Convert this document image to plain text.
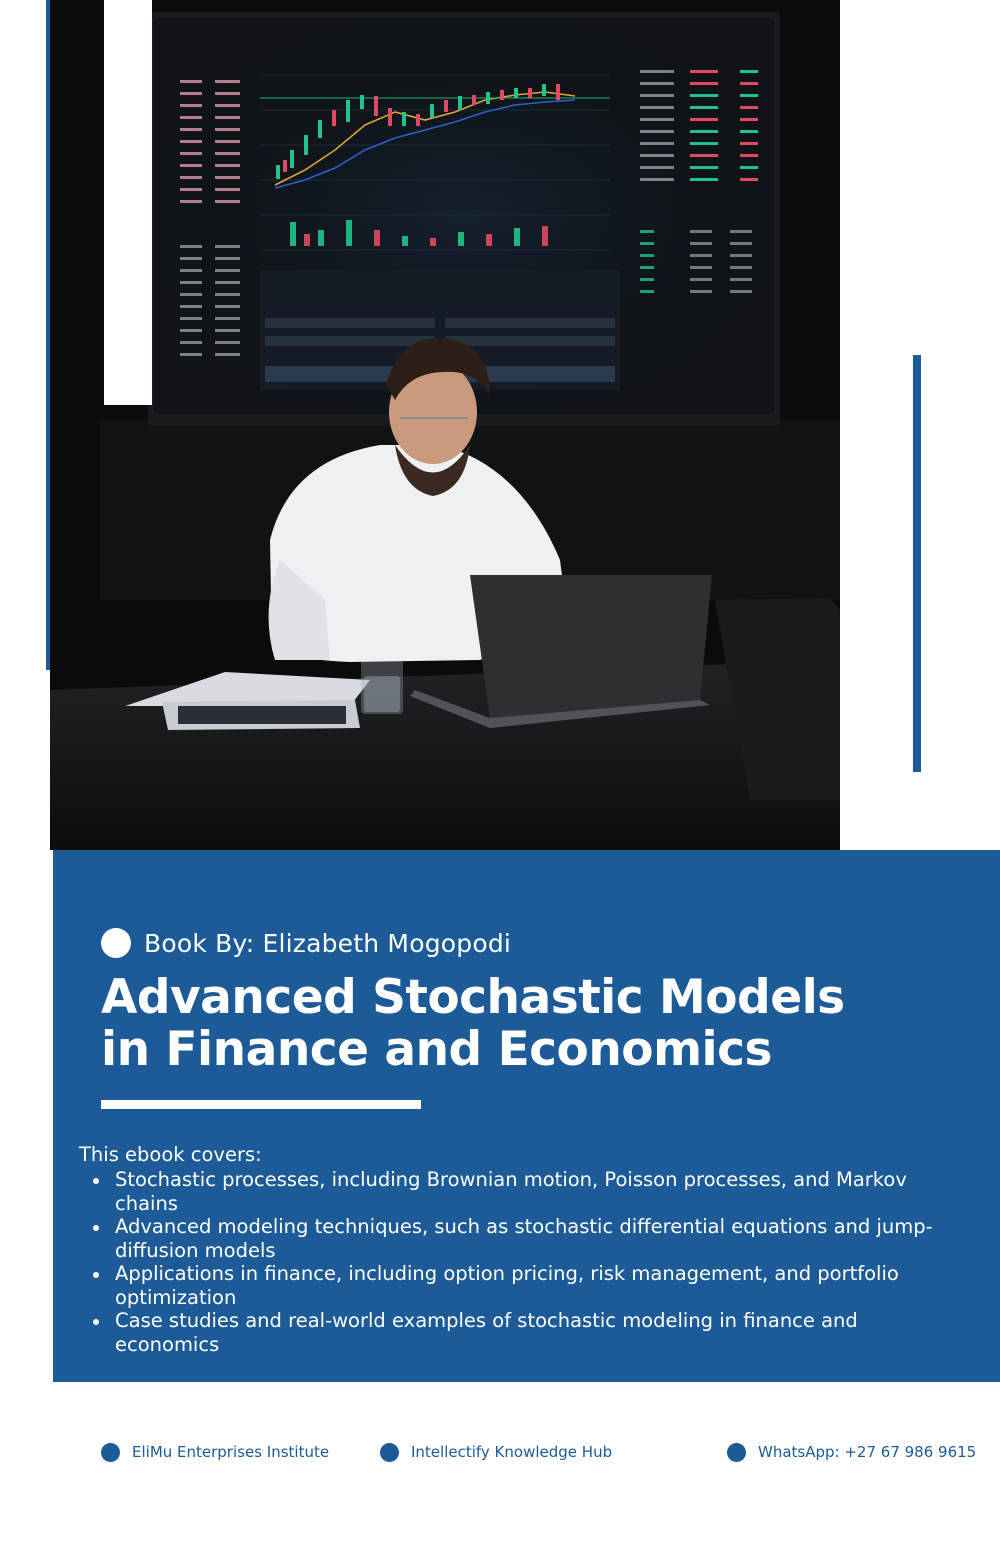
Book By: Elizabeth Mogopodi
Advanced Stochastic Models
in Finance and Economics
This ebook covers:
Stochastic processes, including Brownian motion, Poisson processes, and Markov chains
Advanced modeling techniques, such as stochastic differential equations and jump-diffusion models
Applications in finance, including option pricing, risk management, and portfolio optimization
Case studies and real-world examples of stochastic modeling in finance and economics
EliMu Enterprises Institute	Intellectify Knowledge Hub	WhatsApp: +27 67 986 9615
